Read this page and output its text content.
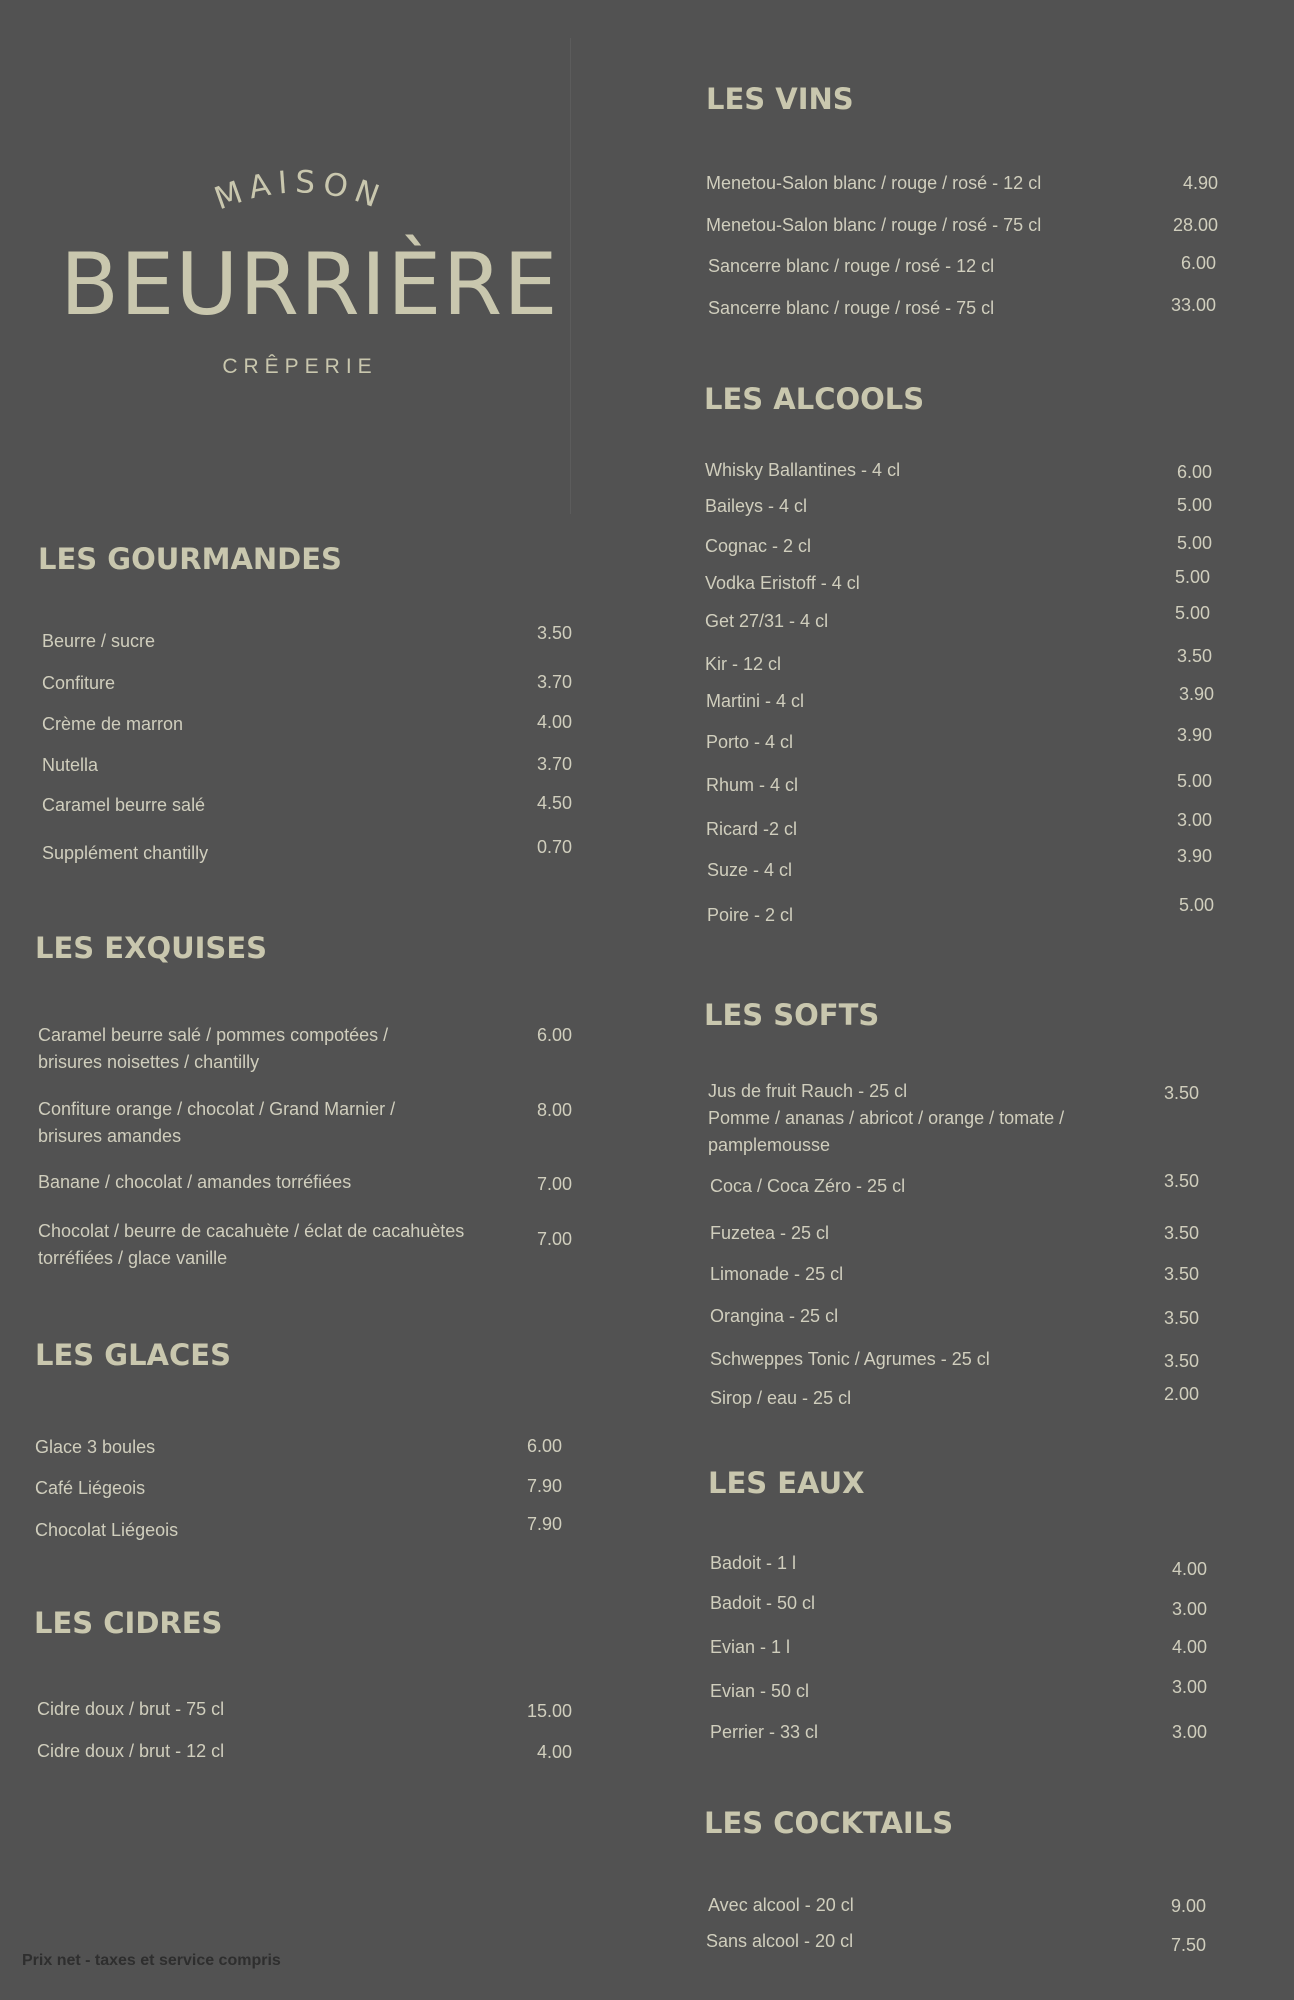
MAISON
BEURRIÈRE
CRÊPERIE
LES GOURMANDES
Beurre / sucre	3.50
Confiture	3.70
Crème de marron	4.00
Nutella	3.70
Caramel beurre salé	4.50
Supplément chantilly	0.70
LES EXQUISES
Caramel beurre salé / pommes compotées /
brisures noisettes / chantilly
6.00
Confiture orange / chocolat / Grand Marnier /
brisures amandes
8.00
Banane / chocolat / amandes torréfiées	7.00
Chocolat / beurre de cacahuète / éclat de cacahuètes
torréfiées / glace vanille
7.00
LES GLACES
Glace 3 boules	6.00
Café Liégeois	7.90
Chocolat Liégeois	7.90
LES CIDRES
Cidre doux / brut - 75 cl	15.00
Cidre doux / brut - 12 cl	4.00
LES VINS
Menetou-Salon blanc / rouge / rosé - 12 cl	4.90
Menetou-Salon blanc / rouge / rosé - 75 cl	28.00
Sancerre blanc / rouge / rosé - 12 cl	6.00
Sancerre blanc / rouge / rosé - 75 cl	33.00
LES ALCOOLS
Whisky Ballantines - 4 cl	6.00
Baileys - 4 cl	5.00
Cognac - 2 cl	5.00
Vodka Eristoff - 4 cl	5.00
Get 27/31 - 4 cl	5.00
Kir - 12 cl	3.50
Martini - 4 cl	3.90
Porto - 4 cl	3.90
Rhum - 4 cl	5.00
Ricard -2 cl	3.00
Suze - 4 cl
3.90
Poire - 2 cl	5.00
LES SOFTS
Jus de fruit Rauch - 25 cl
Pomme / ananas / abricot / orange / tomate /
pamplemousse
3.50
Coca / Coca Zéro - 25 cl	3.50
Fuzetea - 25 cl	3.50
Limonade - 25 cl	3.50
Orangina - 25 cl	3.50
Schweppes Tonic / Agrumes - 25 cl	3.50
Sirop / eau - 25 cl	2.00
LES EAUX
Badoit - 1 l	4.00
Badoit - 50 cl	3.00
Evian - 1 l	4.00
Evian - 50 cl	3.00
Perrier - 33 cl	3.00
LES COCKTAILS
Avec alcool - 20 cl	9.00
Sans alcool - 20 cl	7.50
Prix net - taxes et service compris
